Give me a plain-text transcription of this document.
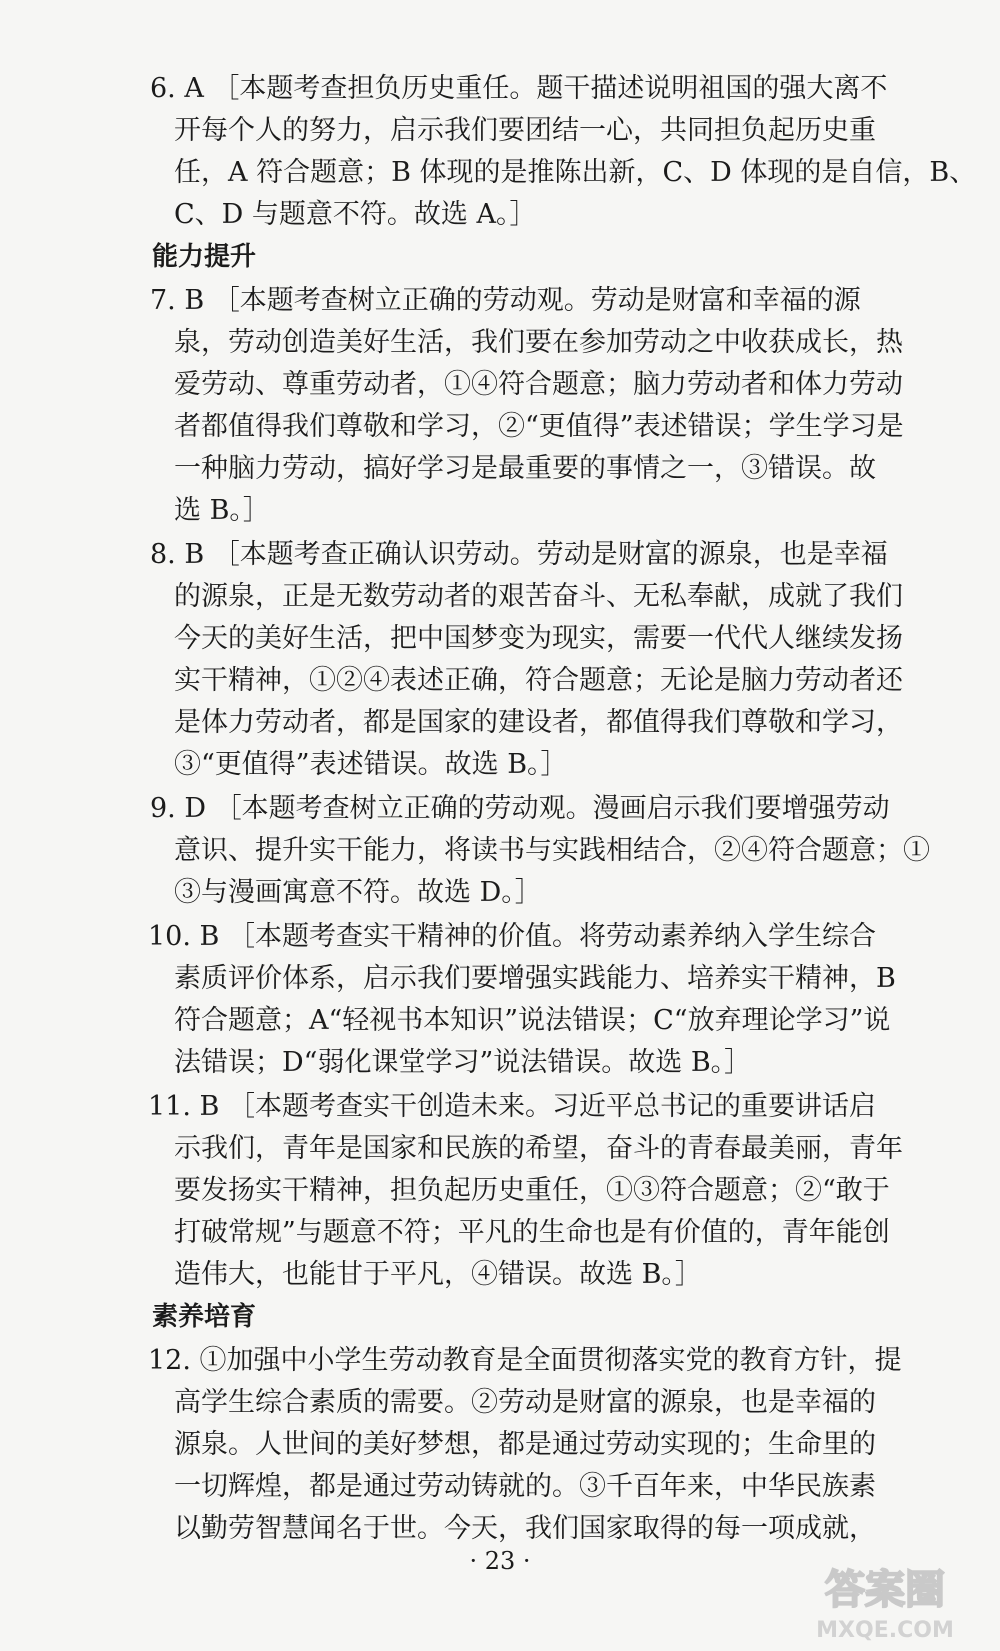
6. A ［本题考查担负历史重任。题干描述说明祖国的强大离不
开每个人的努力，启示我们要团结一心，共同担负起历史重
任，A 符合题意；B 体现的是推陈出新，C、D 体现的是自信，B、
C、D 与题意不符。故选 A。］
能力提升
7. B ［本题考查树立正确的劳动观。劳动是财富和幸福的源
泉，劳动创造美好生活，我们要在参加劳动之中收获成长，热
爱劳动、尊重劳动者，①④符合题意；脑力劳动者和体力劳动
者都值得我们尊敬和学习，②“更值得”表述错误；学生学习是
一种脑力劳动，搞好学习是最重要的事情之一，③错误。故
选 B。］
8. B ［本题考查正确认识劳动。劳动是财富的源泉，也是幸福
的源泉，正是无数劳动者的艰苦奋斗、无私奉献，成就了我们
今天的美好生活，把中国梦变为现实，需要一代代人继续发扬
实干精神，①②④表述正确，符合题意；无论是脑力劳动者还
是体力劳动者，都是国家的建设者，都值得我们尊敬和学习，
③“更值得”表述错误。故选 B。］
9. D ［本题考查树立正确的劳动观。漫画启示我们要增强劳动
意识、提升实干能力，将读书与实践相结合，②④符合题意；①
③与漫画寓意不符。故选 D。］
10. B ［本题考查实干精神的价值。将劳动素养纳入学生综合
素质评价体系，启示我们要增强实践能力、培养实干精神，B
符合题意；A“轻视书本知识”说法错误；C“放弃理论学习”说
法错误；D“弱化课堂学习”说法错误。故选 B。］
11. B ［本题考查实干创造未来。习近平总书记的重要讲话启
示我们，青年是国家和民族的希望，奋斗的青春最美丽，青年
要发扬实干精神，担负起历史重任，①③符合题意；②“敢于
打破常规”与题意不符；平凡的生命也是有价值的，青年能创
造伟大，也能甘于平凡，④错误。故选 B。］
素养培育
12. ①加强中小学生劳动教育是全面贯彻落实党的教育方针，提
高学生综合素质的需要。②劳动是财富的源泉，也是幸福的
源泉。人世间的美好梦想，都是通过劳动实现的；生命里的
一切辉煌，都是通过劳动铸就的。③千百年来，中华民族素
以勤劳智慧闻名于世。今天，我们国家取得的每一项成就，
· 23 ·
答案圈
MXQE.COM
